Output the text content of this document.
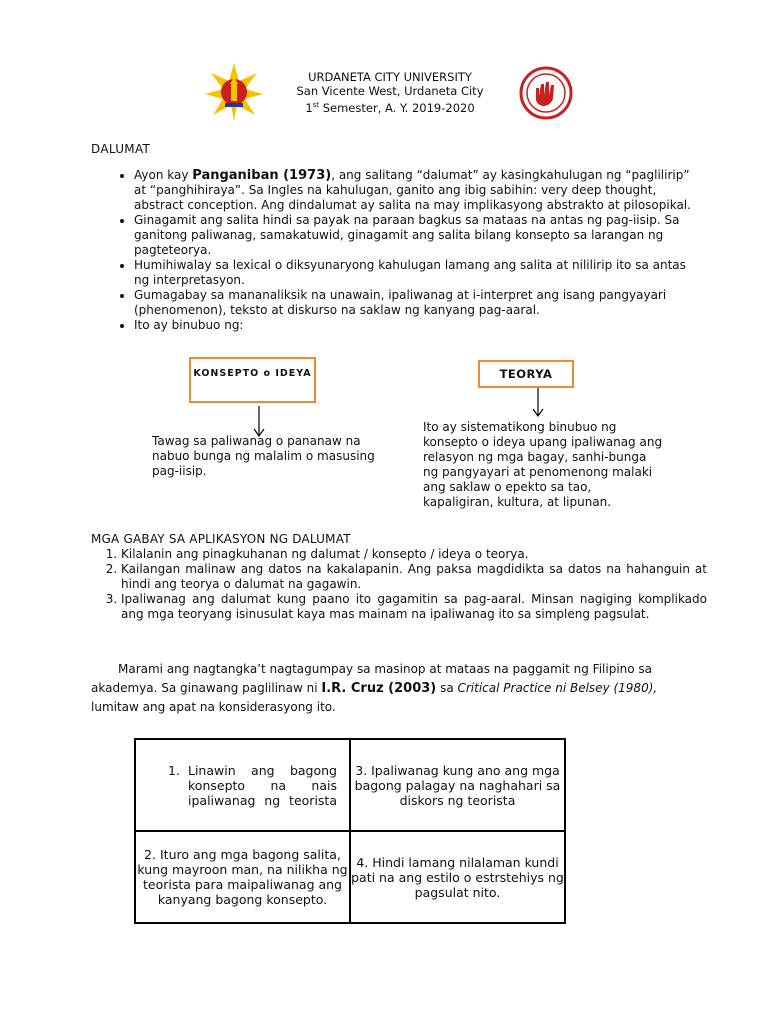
URDANETA CITY UNIVERSITY
San Vicente West, Urdaneta City
1st Semester, A. Y. 2019-2020
DALUMAT
• Ayon kay Panganiban (1973), ang salitang “dalumat” ay kasingkahulugan ng “paglilirip” at “panghihiraya”. Sa Ingles na kahulugan, ganito ang ibig sabihin: very deep thought, abstract conception. Ang dindalumat ay salita na may implikasyong abstrakto at pilosopikal.
• Ginagamit ang salita hindi sa payak na paraan bagkus sa mataas na antas ng pag-iisip. Sa ganitong paliwanag, samakatuwid, ginagamit ang salita bilang konsepto sa larangan ng pagteteorya.
• Humihiwalay sa lexical o diksyunaryong kahulugan lamang ang salita at nililirip ito sa antas ng interpretasyon.
• Gumagabay sa mananaliksik na unawain, ipaliwanag at i-interpret ang isang pangyayari (phenomenon), teksto at diskurso na saklaw ng kanyang pag-aaral.
• Ito ay binubuo ng:
KONSEPTO o IDEYA	TEORYA
Tawag sa paliwanag o pananaw na nabuo bunga ng malalim o masusing pag-iisip.
Ito ay sistematikong binubuo ng konsepto o ideya upang ipaliwanag ang relasyon ng mga bagay, sanhi-bunga ng pangyayari at penomenong malaki ang saklaw o epekto sa tao, kapaligiran, kultura, at lipunan.
MGA GABAY SA APLIKASYON NG DALUMAT
1. Kilalanin ang pinagkuhanan ng dalumat / konsepto / ideya o teorya.
2. Kailangan malinaw ang datos na kakalapanin. Ang paksa magdidikta sa datos na hahanguin at hindi ang teorya o dalumat na gagawin.
3. Ipaliwanag ang dalumat kung paano ito gagamitin sa pag-aaral. Minsan nagiging komplikado ang mga teoryang isinusulat kaya mas mainam na ipaliwanag ito sa simpleng pagsulat.
Marami ang nagtangka’t nagtagumpay sa masinop at mataas na paggamit ng Filipino sa akademya. Sa ginawang paglilinaw ni I.R. Cruz (2003) sa Critical Practice ni Belsey (1980), lumitaw ang apat na konsiderasyong ito.
1. Linawin ang bagong konsepto na nais ipaliwanag ng teorista	3. Ipaliwanag kung ano ang mga bagong palagay na naghahari sa diskors ng teorista
2. Ituro ang mga bagong salita, kung mayroon man, na nilikha ng teorista para maipaliwanag ang kanyang bagong konsepto.	4. Hindi lamang nilalaman kundi pati na ang estilo o estrstehiys ng pagsulat nito.
